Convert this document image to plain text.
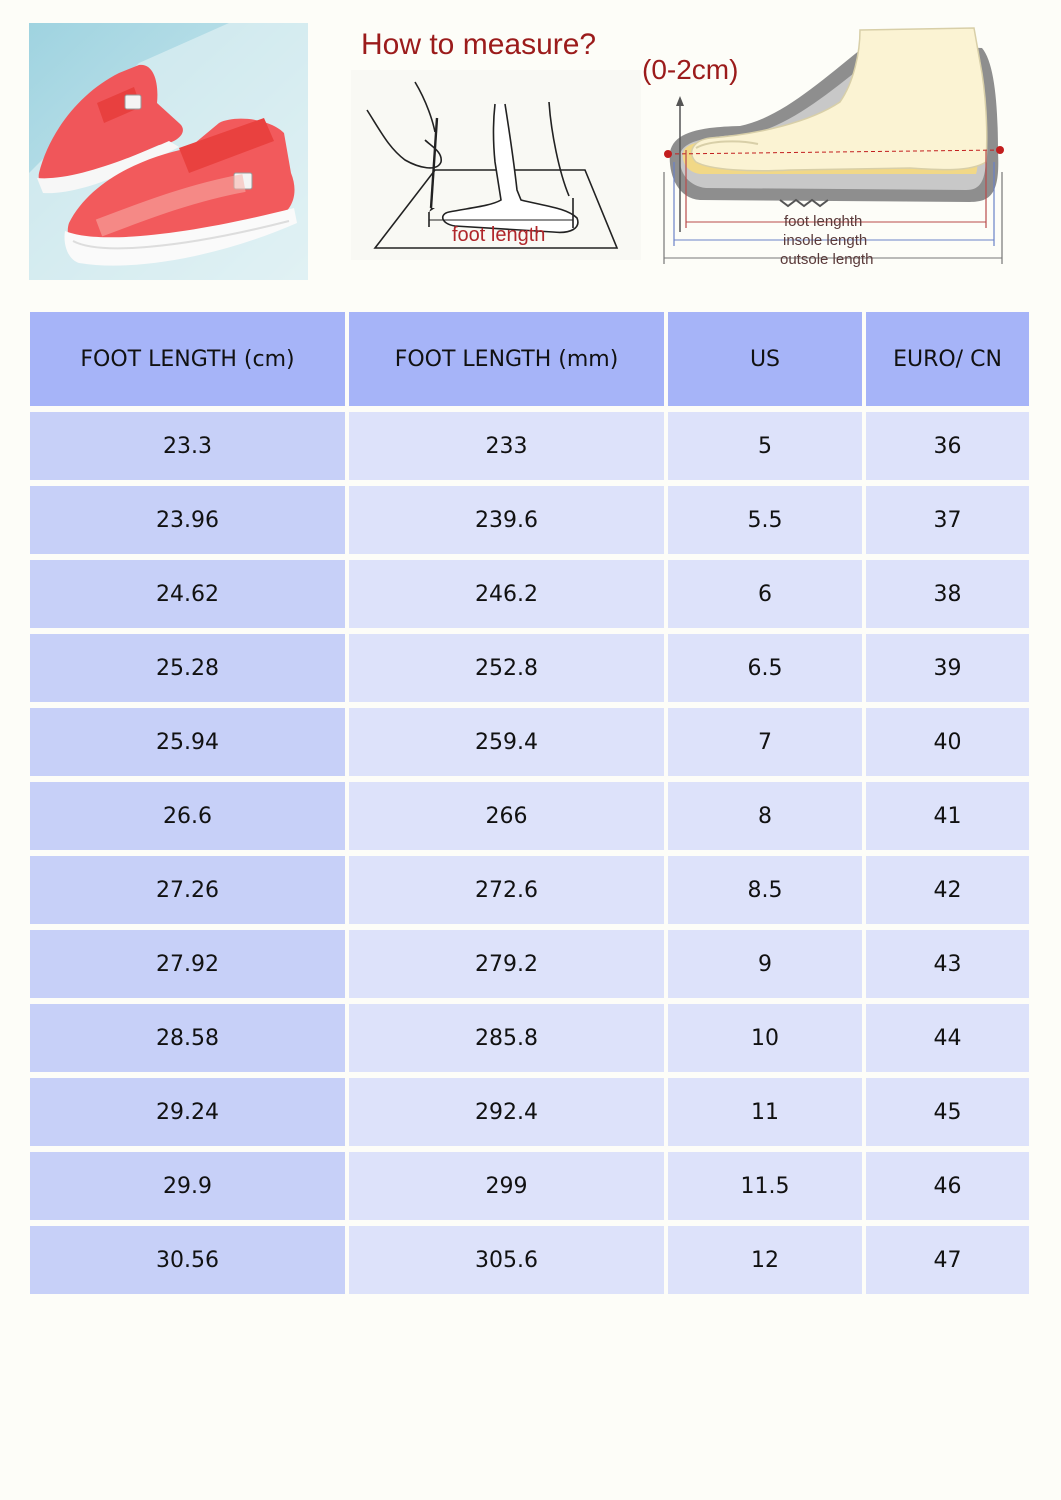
How to measure?
foot length
(0-2cm)
foot lenghth
insole length
outsole length
FOOT LENGTH (cm)	FOOT LENGTH (mm)	US	EURO/ CN
23.3	233	5	36
23.96	239.6	5.5	37
24.62	246.2	6	38
25.28	252.8	6.5	39
25.94	259.4	7	40
26.6	266	8	41
27.26	272.6	8.5	42
27.92	279.2	9	43
28.58	285.8	10	44
29.24	292.4	11	45
29.9	299	11.5	46
30.56	305.6	12	47
